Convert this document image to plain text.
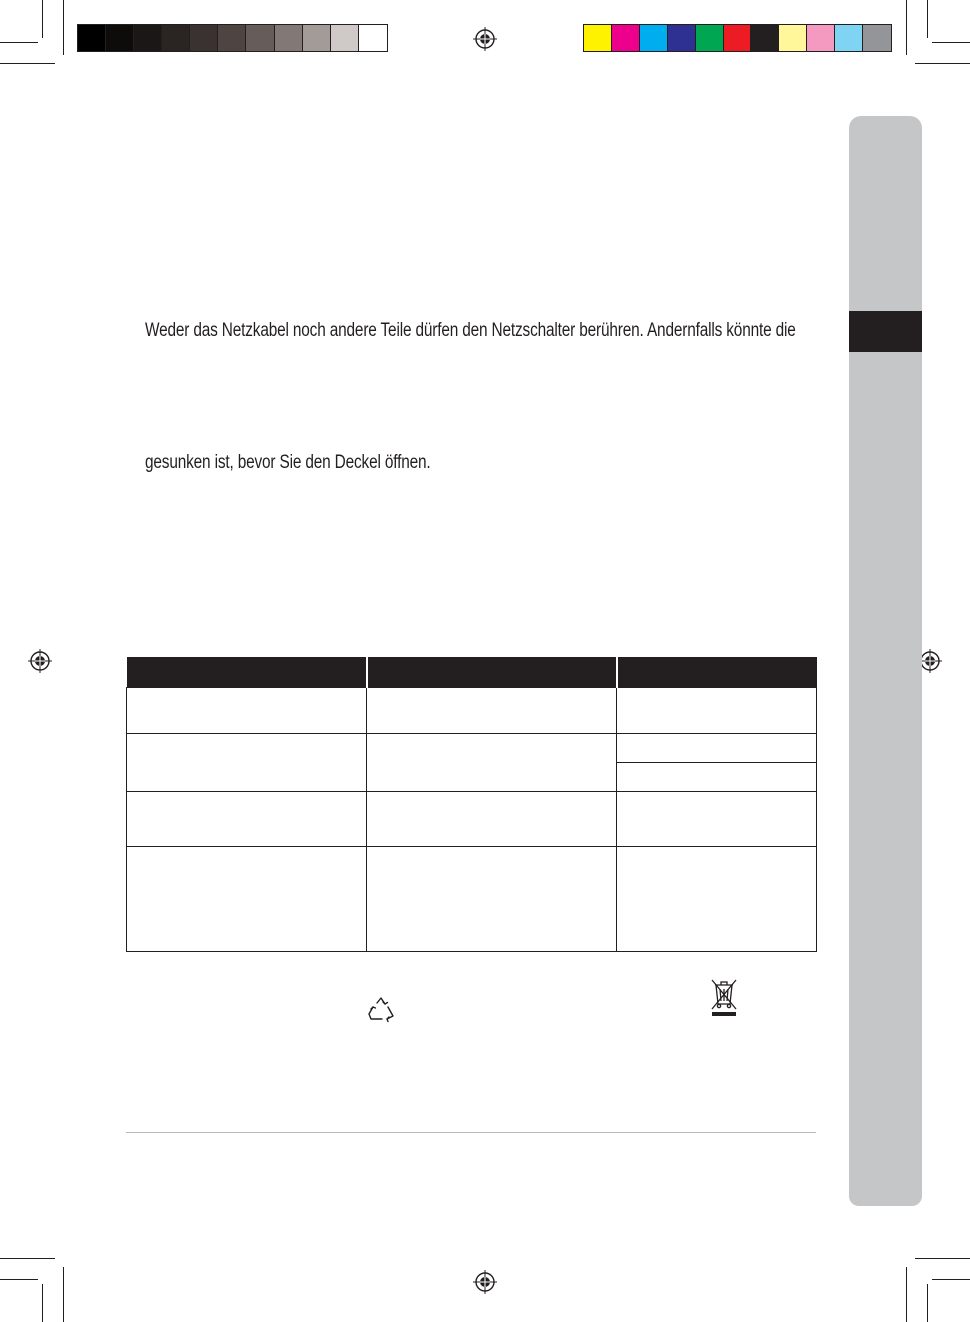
Weder das Netzkabel noch andere Teile dürfen den Netzschalter berühren. Andernfalls könnte die
gesunken ist, bevor Sie den Deckel öffnen.
